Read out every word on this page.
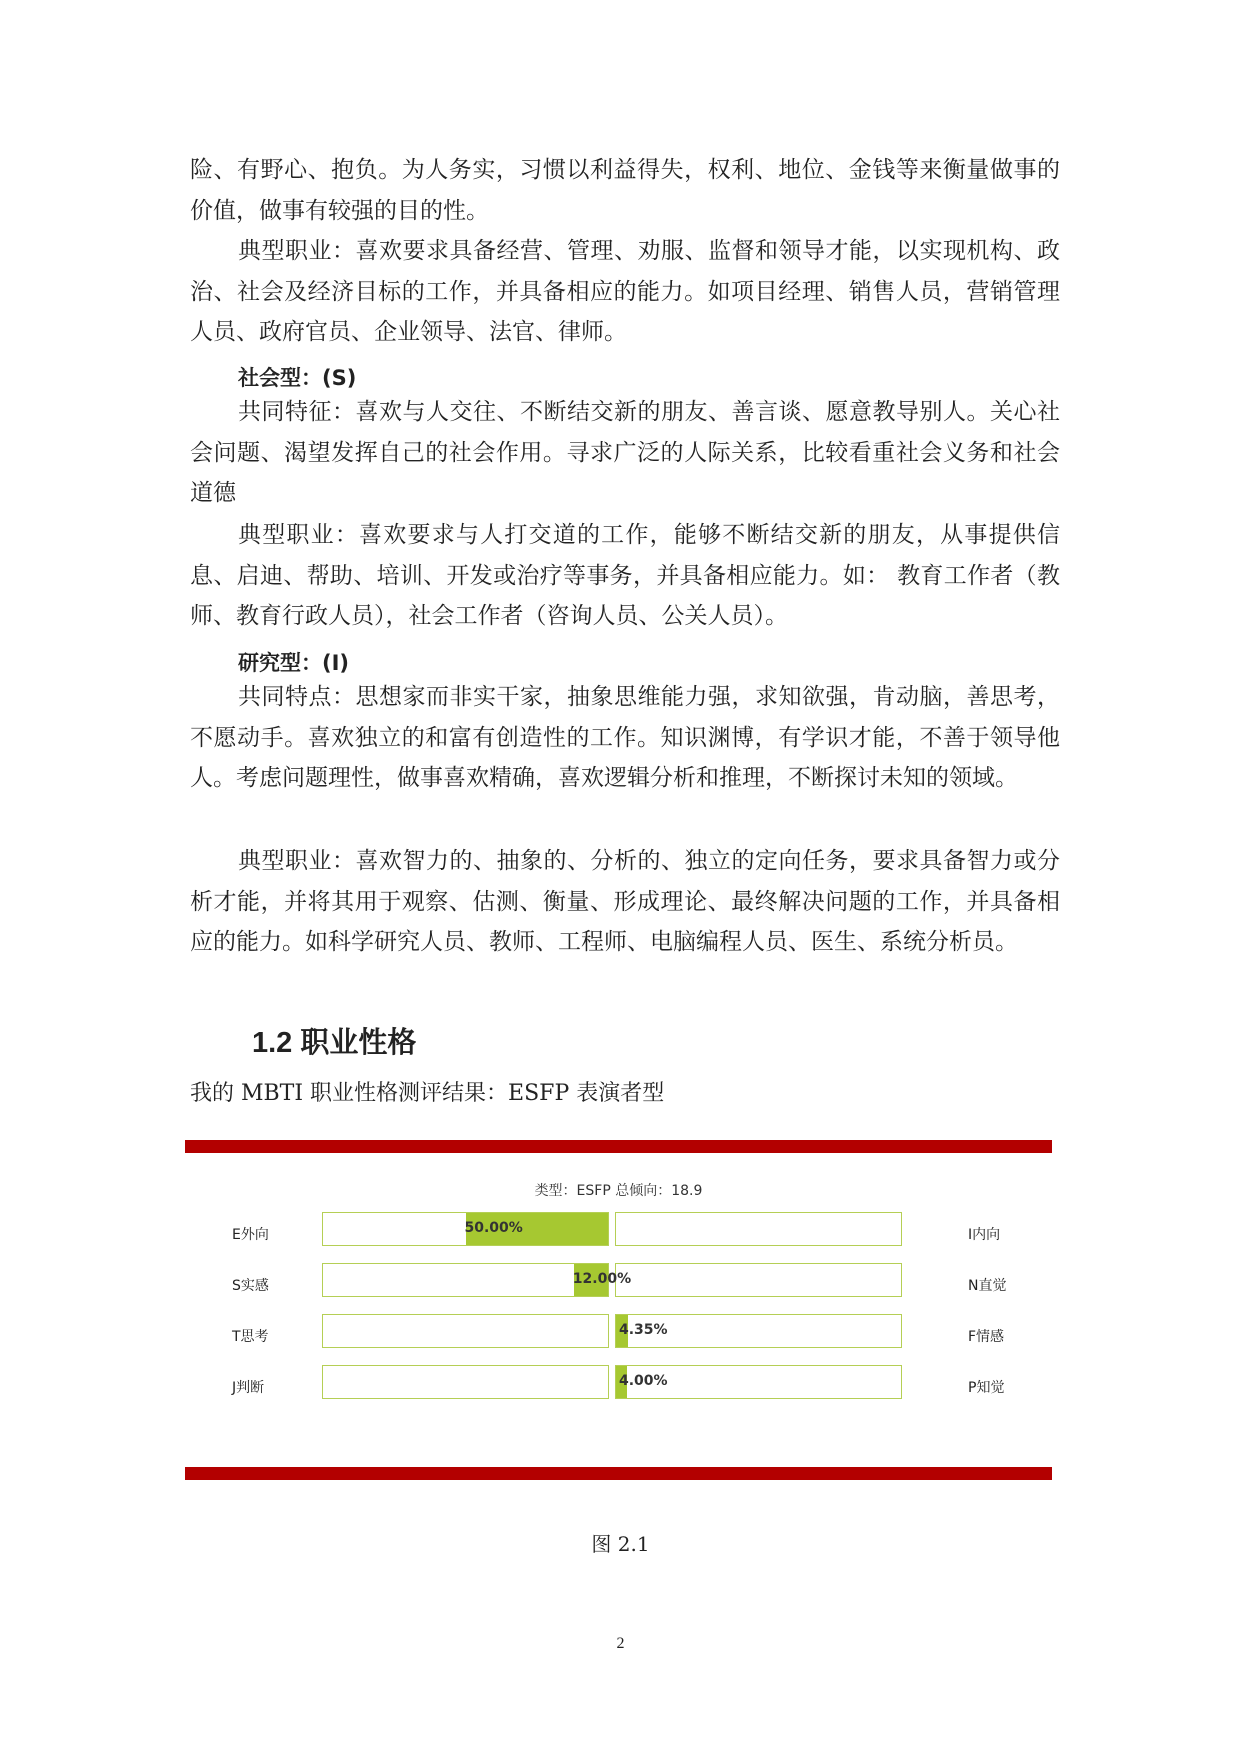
险、有野心、抱负。为人务实，习惯以利益得失，权利、地位、金钱等来衡量做事的价值，做事有较强的目的性。

典型职业：喜欢要求具备经营、管理、劝服、监督和领导才能，以实现机构、政治、社会及经济目标的工作，并具备相应的能力。如项目经理、销售人员，营销管理人员、政府官员、企业领导、法官、律师。

社会型：(S)

共同特征：喜欢与人交往、不断结交新的朋友、善言谈、愿意教导别人。关心社会问题、渴望发挥自己的社会作用。寻求广泛的人际关系，比较看重社会义务和社会道德

典型职业：喜欢要求与人打交道的工作，能够不断结交新的朋友，从事提供信息、启迪、帮助、培训、开发或治疗等事务，并具备相应能力。如： 教育工作者（教师、教育行政人员），社会工作者（咨询人员、公关人员）。

研究型：(I)

共同特点：思想家而非实干家，抽象思维能力强，求知欲强，肯动脑，善思考，不愿动手。喜欢独立的和富有创造性的工作。知识渊博，有学识才能，不善于领导他人。考虑问题理性，做事喜欢精确，喜欢逻辑分析和推理，不断探讨未知的领域。

典型职业：喜欢智力的、抽象的、分析的、独立的定向任务，要求具备智力或分析才能，并将其用于观察、估测、衡量、形成理论、最终解决问题的工作，并具备相应的能力。如科学研究人员、教师、工程师、电脑编程人员、医生、系统分析员。

1.2 职业性格

我的 MBTI 职业性格测评结果：ESFP 表演者型

类型：ESFP 总倾向：18.9
E外向	50.00%	I内向
S实感	12.00%	N直觉
T思考	4.35%	F情感
J判断	4.00%	P知觉
图 2.1
2
